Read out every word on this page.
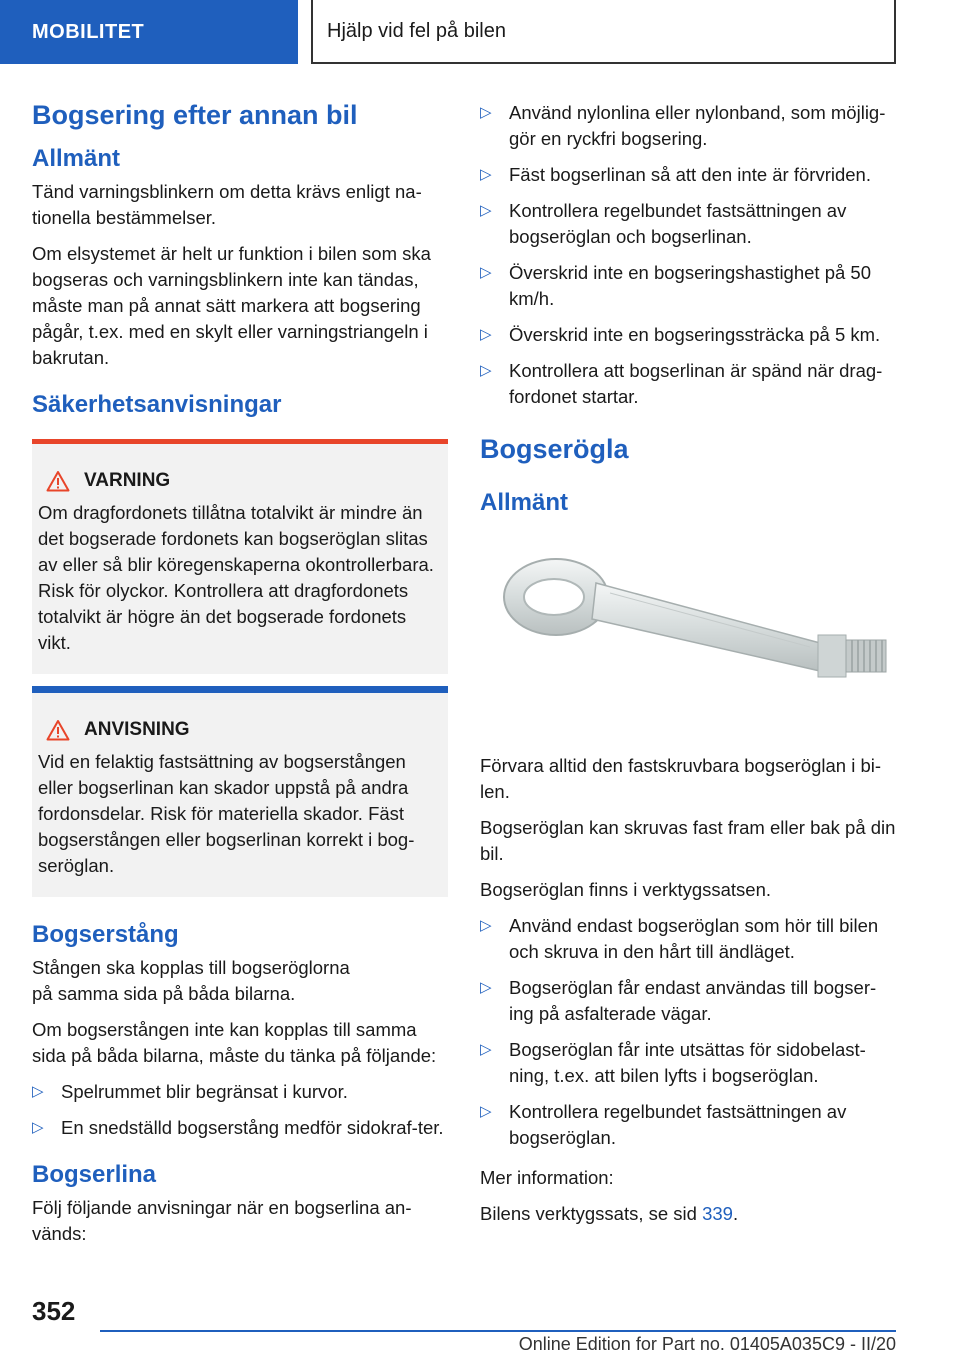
MOBILITET	Hjälp vid fel på bilen
Bogsering efter annan bil
Allmänt

Tänd varningsblinkern om detta krävs enligt na-tionella bestämmelser.

Om elsystemet är helt ur funktion i bilen som ska bogseras och varningsblinkern inte kan tändas, måste man på annat sätt markera att bogsering pågår, t.ex. med en skylt eller varningstriangeln i bakrutan.

Säkerhetsanvisningar
VARNING

Om dragfordonets tillåtna totalvikt är mindre än det bogserade fordonets kan bogseröglan slitas av eller så blir köregenskaperna okontrollerbara. Risk för olyckor. Kontrollera att dragfordonets totalvikt är högre än det bogserade fordonets vikt.

ANVISNING

Vid en felaktig fastsättning av bogserstången eller bogserlinan kan skador uppstå på andra fordonsdelar. Risk för materiella skador. Fäst bogserstången eller bogserlinan korrekt i bog-seröglan.

Bogserstång

Stången ska kopplas till bogseröglorna på samma sida på båda bilarna.

Om bogserstången inte kan kopplas till samma sida på båda bilarna, måste du tänka på följande:

▷ Spelrummet blir begränsat i kurvor.
▷ En snedställd bogserstång medför sidokraf-ter.
Bogserlina

Följ följande anvisningar när en bogserlina an-vänds:

▷ Använd nylonlina eller nylonband, som möjlig-gör en ryckfri bogsering.
▷ Fäst bogserlinan så att den inte är förvriden.
▷ Kontrollera regelbundet fastsättningen av bogseröglan och bogserlinan.
▷ Överskrid inte en bogseringshastighet på 50 km/h.
▷ Överskrid inte en bogseringssträcka på 5 km.
▷ Kontrollera att bogserlinan är spänd när drag-fordonet startar.
Bogserögla
Allmänt

Förvara alltid den fastskruvbara bogseröglan i bi-len.

Bogseröglan kan skruvas fast fram eller bak på din bil.

Bogseröglan finns i verktygssatsen.

▷ Använd endast bogseröglan som hör till bilen och skruva in den hårt till ändläget.
▷ Bogseröglan får endast användas till bogser-ing på asfalterade vägar.
▷ Bogseröglan får inte utsättas för sidobelast-ning, t.ex. att bilen lyfts i bogseröglan.
▷ Kontrollera regelbundet fastsättningen av bogseröglan.

Mer information:

Bilens verktygssats, se sid 339.

352
Online Edition for Part no. 01405A035C9 - II/20
